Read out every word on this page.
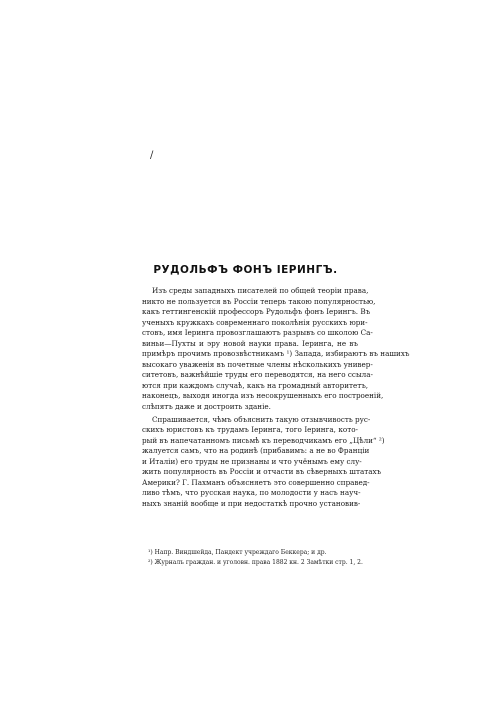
/
РУДОЛЬФЪ ФОНЪ IЕРИНГЪ.
Изъ среды западныхъ писателей по общей теоріи права,
никто не пользуется въ Россіи теперь такою популярностью,
какъ геттингенскій профессоръ Рудольфъ фонъ Іерингъ. Въ
ученыхъ кружкахъ современнаго поколѣнія русскихъ юри-
стовъ, имя Іеринга провозглашаютъ разрывъ со школою Са-
виньи—Пухты и эру новой науки права. Іеринга, не въ
примѣръ прочимъ провозвѣстникамъ ¹) Запада, избираютъ въ нашихъ
высокаго уваженія въ почетные члены нѣсколькихъ универ-
ситетовъ, важнѣйшіе труды его переводятся, на него ссыла-
ются при каждомъ случаѣ, какъ на громадный авторитетъ,
наконецъ, выходя иногда изъ несокрушенныхъ его построеній,
слѣпятъ даже и достроить зданіе.
Спрашивается, чѣмъ объяснить такую отзывчивость рус-
скихъ юристовъ къ трудамъ Іеринга, того Іеринга, кото-
рый въ напечатанномъ письмѣ къ переводчикамъ его „Цѣли“ ²)
жалуется самъ, что на родинѣ (прибавимъ: а не во Франціи
и Италіи) его труды не признаны и что учёнымъ ему слу-
жить популярность въ Россіи и отчасти въ сѣверныхъ штатахъ
Америки? Г. Пахманъ объясняетъ это совершенно справед-
ливо тѣмъ, что русская наука, по молодости у насъ науч-
ныхъ знаній вообще и при недостаткѣ прочно установив-
¹) Напр. Виндшейда, Пандект учреждаго Беккера; и др.
²) Журналъ граждан. и уголовн. права 1882 кн. 2 Замѣтки стр. 1, 2.
